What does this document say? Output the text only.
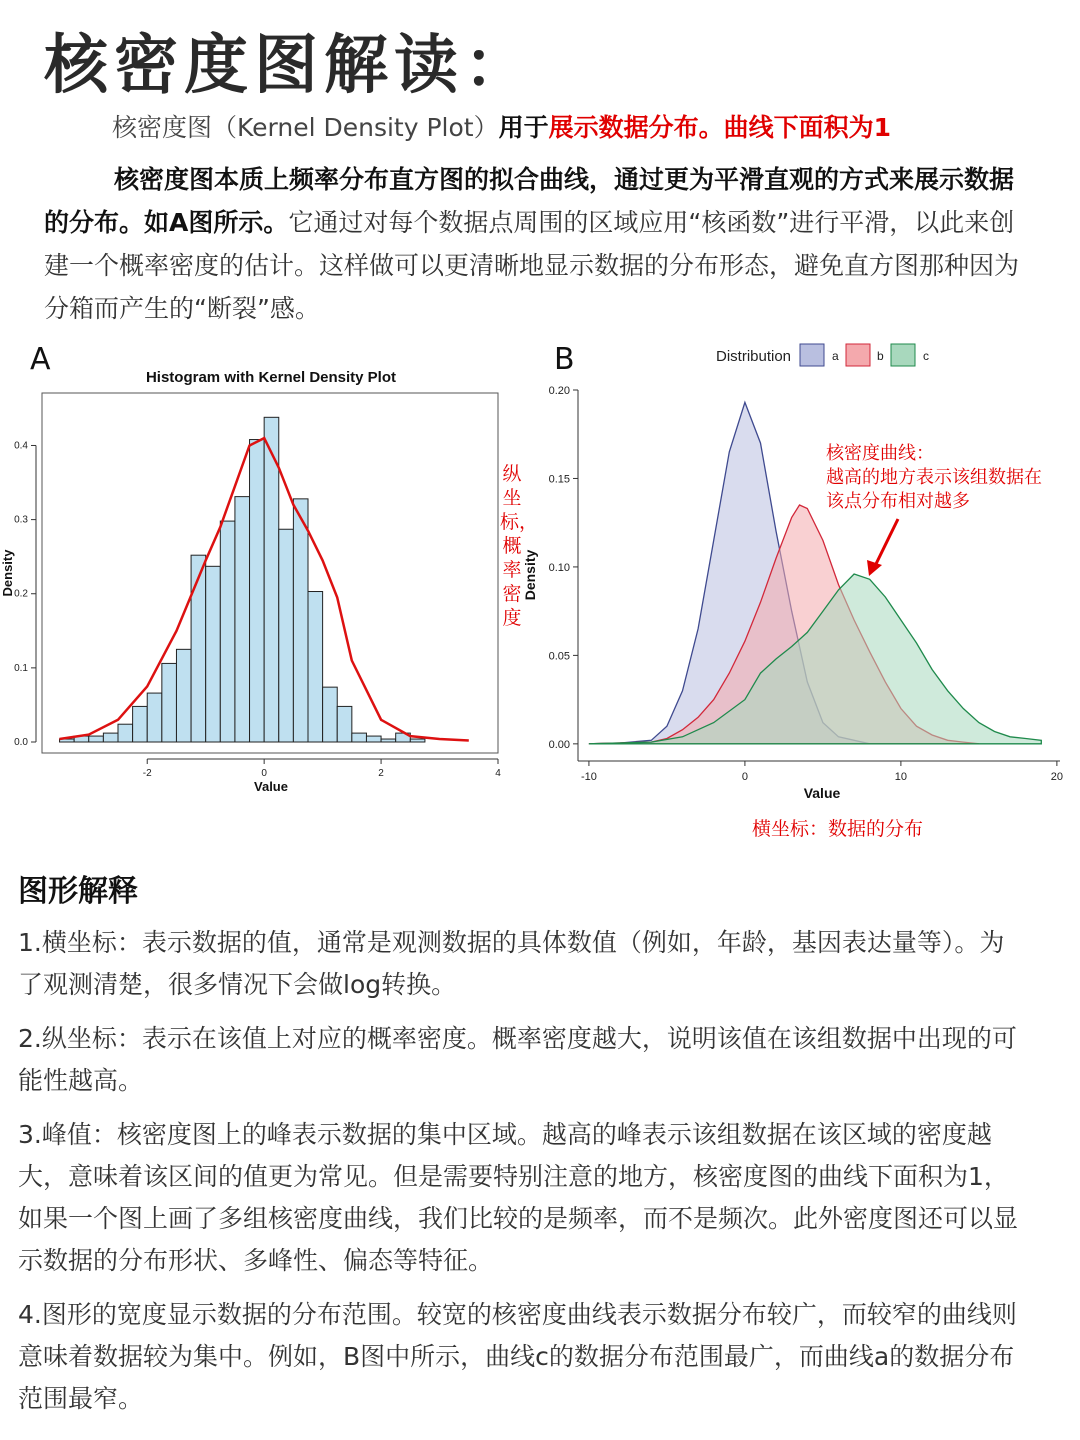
核密度图解读：
核密度图（Kernel Density Plot）用于展示数据分布。曲线下面积为1
核密度图本质上频率分布直方图的拟合曲线，通过更为平滑直观的方式来展示数据的分布。如A图所示。它通过对每个数据点周围的区域应用“核函数”进行平滑，以此来创建一个概率密度的估计。这样做可以更清晰地显示数据的分布形态，避免直方图那种因为分箱而产生的“断裂”感。
A	B
Histogram with Kernel Density Plot
-2	0	2	4
0.0
0.1
0.2
0.3
0.4
Value
Density
纵坐标，概率密度
Distribution	a	b	c
-10	0	10	20
0.00
0.05
0.10
0.15
0.20
Value
Density
核密度曲线：
越高的地方表示该组数据在
该点分布相对越多
横坐标：数据的分布
图形解释
1.横坐标：表示数据的值，通常是观测数据的具体数值（例如，年龄，基因表达量等）。为了观测清楚，很多情况下会做log转换。
2.纵坐标：表示在该值上对应的概率密度。概率密度越大，说明该值在该组数据中出现的可能性越高。
3.峰值：核密度图上的峰表示数据的集中区域。越高的峰表示该组数据在该区域的密度越大，意味着该区间的值更为常见。但是需要特别注意的地方，核密度图的曲线下面积为1，如果一个图上画了多组核密度曲线，我们比较的是频率，而不是频次。此外密度图还可以显示数据的分布形状、多峰性、偏态等特征。
4.图形的宽度显示数据的分布范围。较宽的核密度曲线表示数据分布较广，而较窄的曲线则意味着数据较为集中。例如，B图中所示，曲线c的数据分布范围最广，而曲线a的数据分布范围最窄。
